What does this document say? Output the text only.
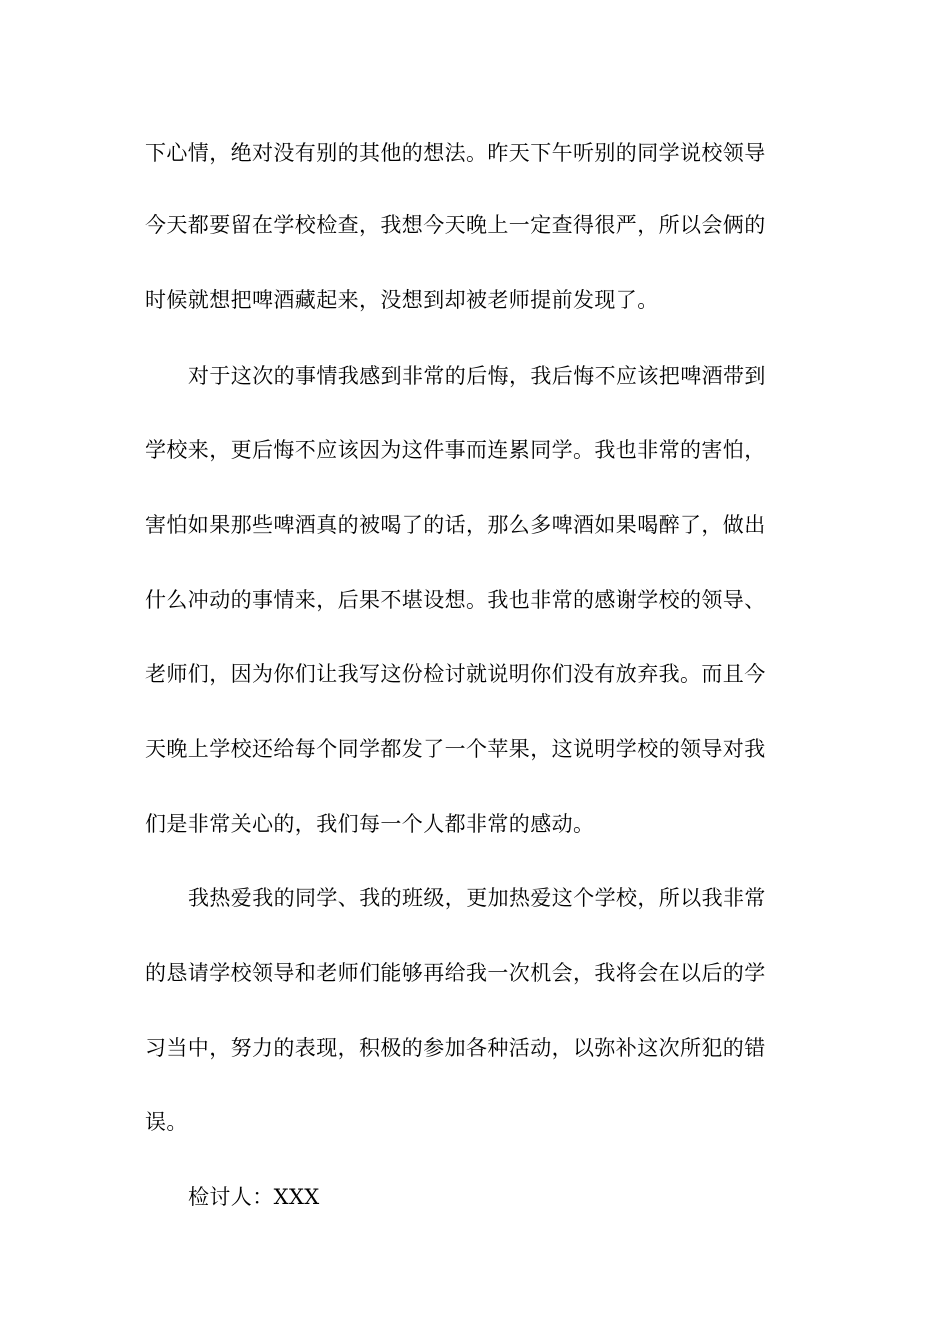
下心情，绝对没有别的其他的想法。昨天下午听别的同学说校领导
今天都要留在学校检查，我想今天晚上一定查得很严，所以会俩的
时候就想把啤酒藏起来，没想到却被老师提前发现了。
对于这次的事情我感到非常的后悔，我后悔不应该把啤酒带到
学校来，更后悔不应该因为这件事而连累同学。我也非常的害怕，
害怕如果那些啤酒真的被喝了的话，那么多啤酒如果喝醉了，做出
什么冲动的事情来，后果不堪设想。我也非常的感谢学校的领导、
老师们，因为你们让我写这份检讨就说明你们没有放弃我。而且今
天晚上学校还给每个同学都发了一个苹果，这说明学校的领导对我
们是非常关心的，我们每一个人都非常的感动。
我热爱我的同学、我的班级，更加热爱这个学校，所以我非常
的恳请学校领导和老师们能够再给我一次机会，我将会在以后的学
习当中，努力的表现，积极的参加各种活动，以弥补这次所犯的错
误。
检讨人：XXX
